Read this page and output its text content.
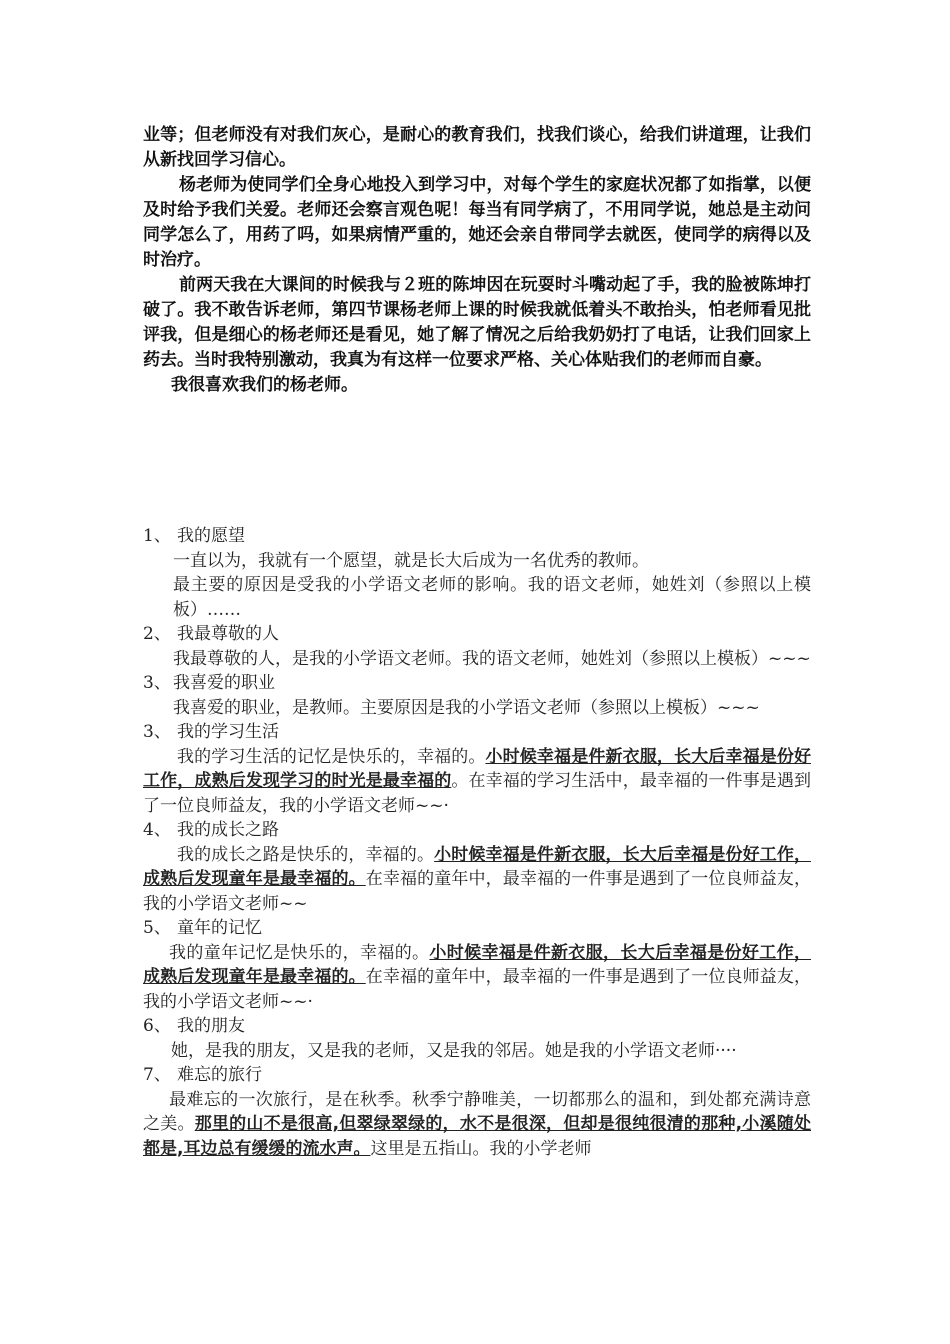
业等；但老师没有对我们灰心，是耐心的教育我们，找我们谈心，给我们讲道理，让我们从新找回学习信心。

杨老师为使同学们全身心地投入到学习中，对每个学生的家庭状况都了如指掌，以便及时给予我们关爱。老师还会察言观色呢！每当有同学病了，不用同学说，她总是主动问同学怎么了，用药了吗，如果病情严重的，她还会亲自带同学去就医，使同学的病得以及时治疗。

前两天我在大课间的时候我与２班的陈坤因在玩耍时斗嘴动起了手，我的脸被陈坤打破了。我不敢告诉老师，第四节课杨老师上课的时候我就低着头不敢抬头，怕老师看见批评我，但是细心的杨老师还是看见，她了解了情况之后给我奶奶打了电话，让我们回家上药去。当时我特别激动，我真为有这样一位要求严格、关心体贴我们的老师而自豪。

我很喜欢我们的杨老师。

1、 我的愿望

一直以为，我就有一个愿望，就是长大后成为一名优秀的教师。

最主要的原因是受我的小学语文老师的影响。我的语文老师，她姓刘（参照以上模板）……

2、 我最尊敬的人

我最尊敬的人，是我的小学语文老师。我的语文老师，她姓刘（参照以上模板）~~~

3、 我喜爱的职业

我喜爱的职业，是教师。主要原因是我的小学语文老师（参照以上模板）~~~

3、 我的学习生活

我的学习生活的记忆是快乐的，幸福的。小时候幸福是件新衣服，长大后幸福是份好工作，成熟后发现学习的时光是最幸福的。在幸福的学习生活中，最幸福的一件事是遇到了一位良师益友，我的小学语文老师~~·

4、 我的成长之路

我的成长之路是快乐的，幸福的。小时候幸福是件新衣服，长大后幸福是份好工作，成熟后发现童年是最幸福的。在幸福的童年中，最幸福的一件事是遇到了一位良师益友，我的小学语文老师~~

5、 童年的记忆

我的童年记忆是快乐的，幸福的。小时候幸福是件新衣服，长大后幸福是份好工作，成熟后发现童年是最幸福的。在幸福的童年中，最幸福的一件事是遇到了一位良师益友，我的小学语文老师~~·

6、 我的朋友

她，是我的朋友，又是我的老师，又是我的邻居。她是我的小学语文老师····

7、 难忘的旅行

最难忘的一次旅行，是在秋季。秋季宁静唯美，一切都那么的温和，到处都充满诗意之美。那里的山不是很高,但翠绿翠绿的，水不是很深，但却是很纯很清的那种,小溪随处都是,耳边总有缓缓的流水声。这里是五指山。我的小学老师
